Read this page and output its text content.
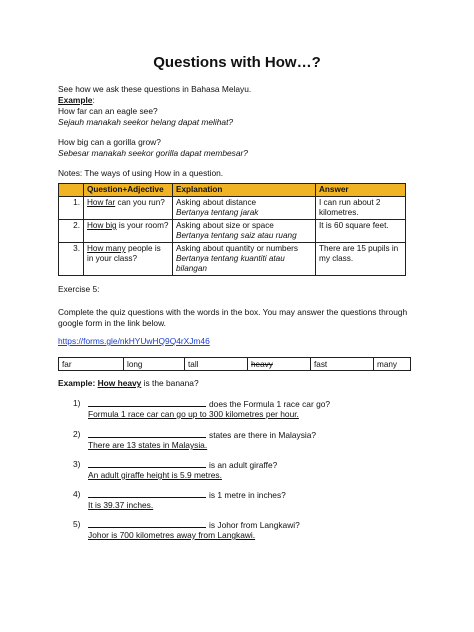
Questions with How…?
See how we ask these questions in Bahasa Melayu.
Example:
How far can an eagle see?
Sejauh manakah seekor helang dapat melihat?
How big can a gorilla grow?
Sebesar manakah seekor gorilla dapat membesar?
Notes: The ways of using How in a question.
	Question+Adjective	Explanation	Answer
1.	How far can you run?	Asking about distance
Bertanya tentang jarak	I can run about 2 kilometres.
2.	How big is your room?	Asking about size or space
Bertanya tentang saiz atau ruang	It is 60 square feet.
3.	How many people is in your class?	Asking about quantity or numbers
Bertanya tentang kuantiti atau bilangan	There are 15 pupils in my class.
Exercise 5:
Complete the quiz questions with the words in the box. You may answer the questions through
google form in the link below.
https://forms.gle/nkHYUwHQ9Q4rXJm46
far	long	tall	heavy	fast	many
Example: How heavy is the banana?
1)	does the Formula 1 race car go?
Formula 1 race car can go up to 300 kilometres per hour.
2)	states are there in Malaysia?
There are 13 states in Malaysia.
3)	is an adult giraffe?
An adult giraffe height is 5.9 metres.
4)	is 1 metre in inches?
It is 39.37 inches.
5)	is Johor from Langkawi?
Johor is 700 kilometres away from Langkawi.
